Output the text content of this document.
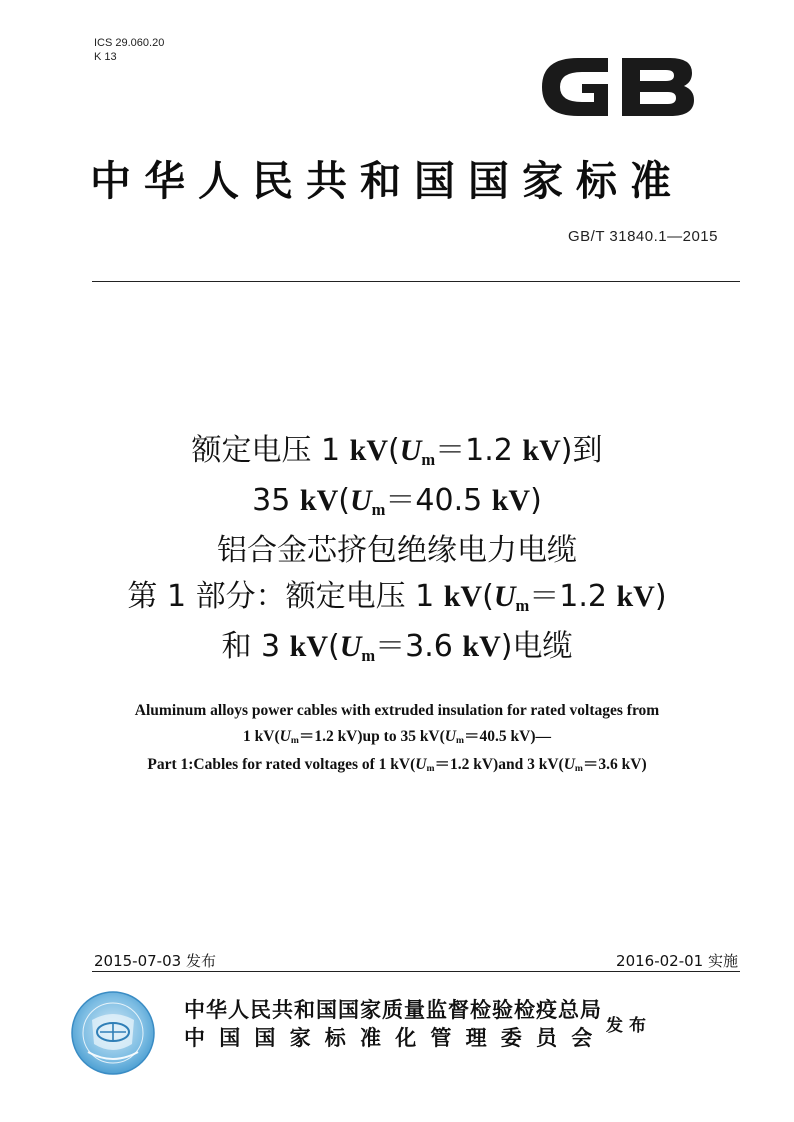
ICS 29.060.20
K 13	GB
中华人民共和国国家标准
GB/T 31840.1—2015
额定电压 1 kV(Um＝1.2 kV)到
35 kV(Um＝40.5 kV)
铝合金芯挤包绝缘电力电缆
第 1 部分：额定电压 1 kV(Um＝1.2 kV)
和 3 kV(Um＝3.6 kV)电缆
Aluminum alloys power cables with extruded insulation for rated voltages from
1 kV(Um＝1.2 kV)up to 35 kV(Um＝40.5 kV)—
Part 1:Cables for rated voltages of 1 kV(Um＝1.2 kV)and 3 kV(Um＝3.6 kV)
2015-07-03 发布	2016-02-01 实施
中华人民共和国国家质量监督检验检疫总局
中国国家标准化管理委员会 发布
